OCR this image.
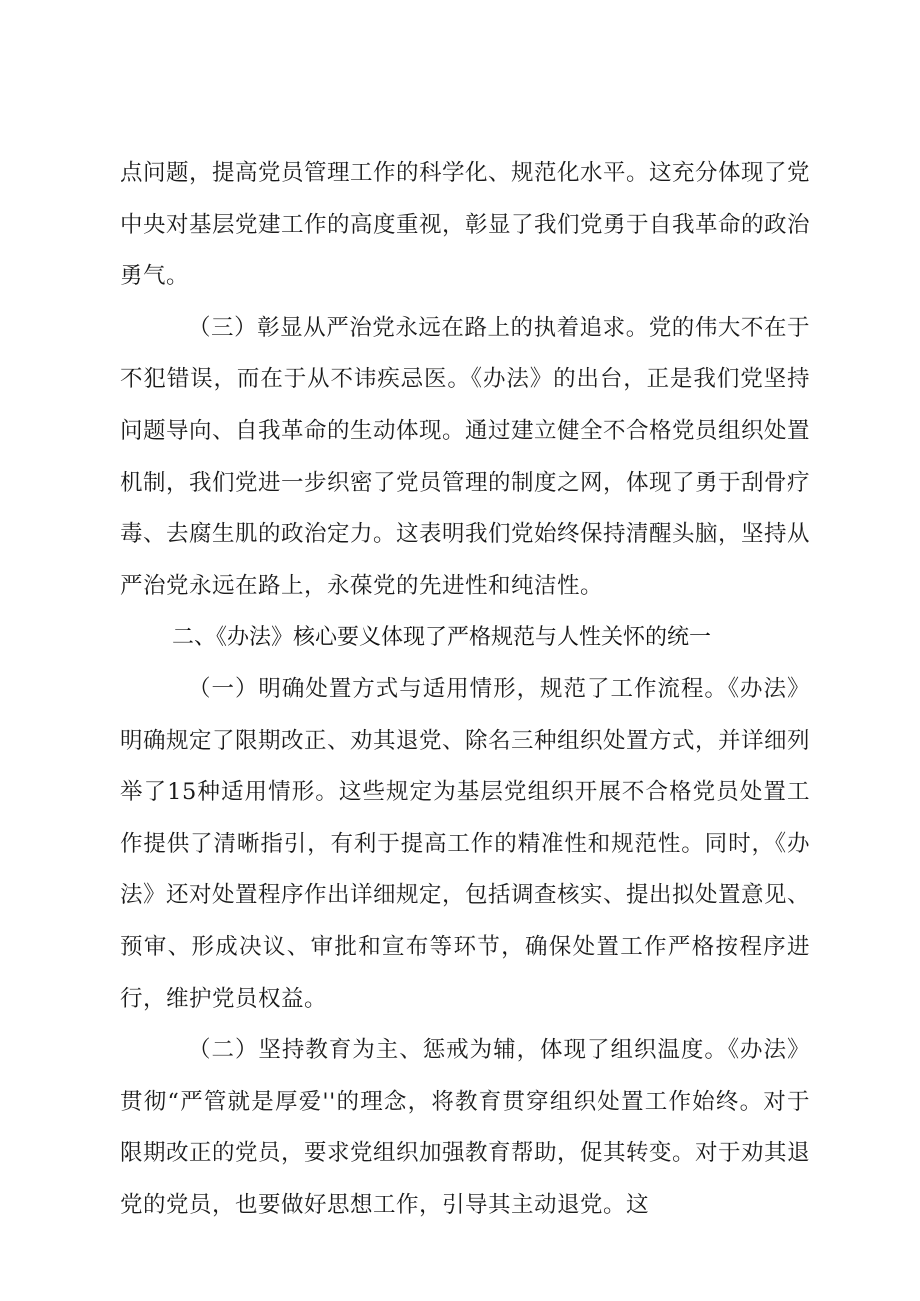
点问题，提高党员管理工作的科学化、规范化水平。这充分体现了党中央对基层党建工作的高度重视，彰显了我们党勇于自我革命的政治勇气。

（三）彰显从严治党永远在路上的执着追求。党的伟大不在于不犯错误，而在于从不讳疾忌医。《办法》的出台，正是我们党坚持问题导向、自我革命的生动体现。通过建立健全不合格党员组织处置机制，我们党进一步织密了党员管理的制度之网，体现了勇于刮骨疗毒、去腐生肌的政治定力。这表明我们党始终保持清醒头脑，坚持从严治党永远在路上，永葆党的先进性和纯洁性。

二、《办法》核心要义体现了严格规范与人性关怀的统一

（一）明确处置方式与适用情形，规范了工作流程。《办法》明确规定了限期改正、劝其退党、除名三种组织处置方式，并详细列举了15种适用情形。这些规定为基层党组织开展不合格党员处置工作提供了清晰指引，有利于提高工作的精准性和规范性。同时，《办法》还对处置程序作出详细规定，包括调查核实、提出拟处置意见、预审、形成决议、审批和宣布等环节，确保处置工作严格按程序进行，维护党员权益。

（二）坚持教育为主、惩戒为辅，体现了组织温度。《办法》贯彻“严管就是厚爱''的理念，将教育贯穿组织处置工作始终。对于限期改正的党员，要求党组织加强教育帮助，促其转变。对于劝其退党的党员，也要做好思想工作，引导其主动退党。这
